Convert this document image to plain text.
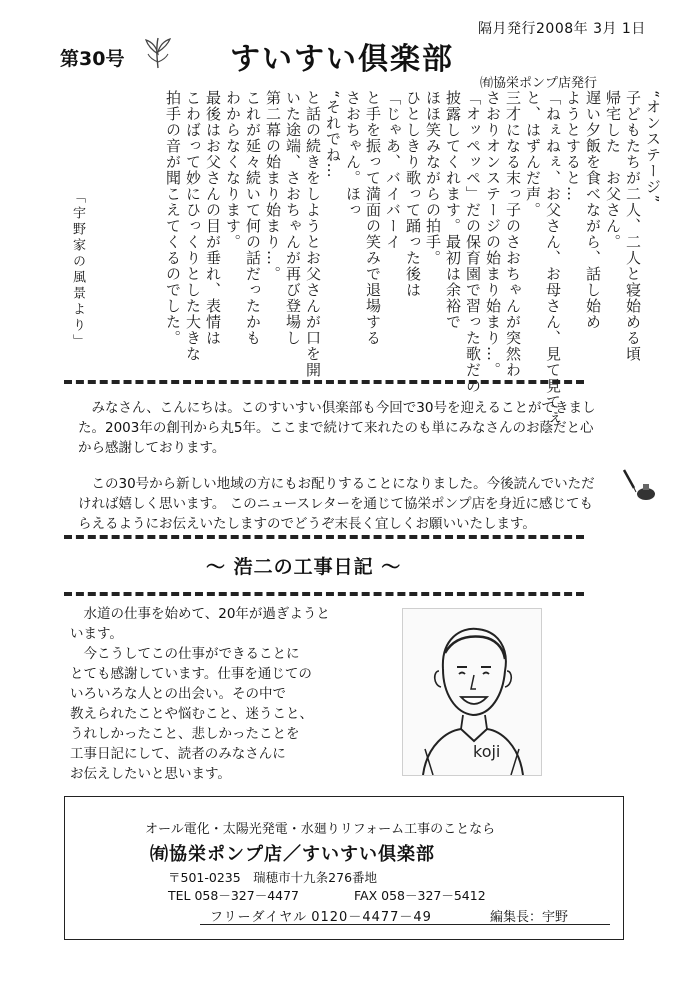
隔月発行2008年 3月 1日
第30号	すいすい倶楽部
㈲協栄ポンプ店発行
“オンステージ”
子どもたちが二人、二人と寝始める頃
帰宅した　お父さん。
遅い夕飯を食べながら、話し始め
ようとすると…
「ねぇねぇ、お父さん、お母さん、見て見てぇ
と、はずんだ声。
三才になる末っ子のさおちゃんが突然わ
さおりオンステージの始まり始まり…。
「オッペッペ」だの保育園で習った歌だの
披露してくれます。最初は余裕で
ほほ笑みながらの拍手。
ひとしきり歌って踊った後は
「じゃあ、バイバーイ
と手を振って満面の笑みで退場する
さおちゃん。ほっ
“それでね…
と話の続きをしようとお父さんが口を開
いた途端、さおちゃんが再び登場し
第二幕の始まり始まり…。
これが延々続いて何の話だったかも
わからなくなります。
最後はお父さんの目が垂れ、表情は
こわばって妙にひっくりとした大きな
拍手の音が聞こえてくるのでした。
「宇野家の風景より」

みなさん、こんにちは。このすいすい倶楽部も今回で30号を迎えることができました。2003年の創刊から丸5年。ここまで続けて来れたのも単にみなさんのお蔭だと心から感謝しております。

この30号から新しい地域の方にもお配りすることになりました。今後読んでいただければ嬉しく思います。 このニュースレターを通じて協栄ポンプ店を身近に感じてもらえるようにお伝えいたしますのでどうぞ末長く宜しくお願いいたします。

～ 浩二の工事日記 ～

　水道の仕事を始めて、20年が過ぎようと

います。

　今こうしてこの仕事ができることに

とても感謝しています。仕事を通じての

いろいろな人との出会い。その中で

教えられたことや悩むこと、迷うこと、

うれしかったこと、悲しかったことを

工事日記にして、読者のみなさんに

お伝えしたいと思います。

koji
オール電化・太陽光発電・水廻りリフォーム工事のことなら
㈲協栄ポンプ店／すいすい倶楽部
〒501-0235　瑞穂市十九条276番地
TEL 058－327－4477	FAX 058－327－5412
フリーダイヤル 0120－4477－49	編集長：宇野
